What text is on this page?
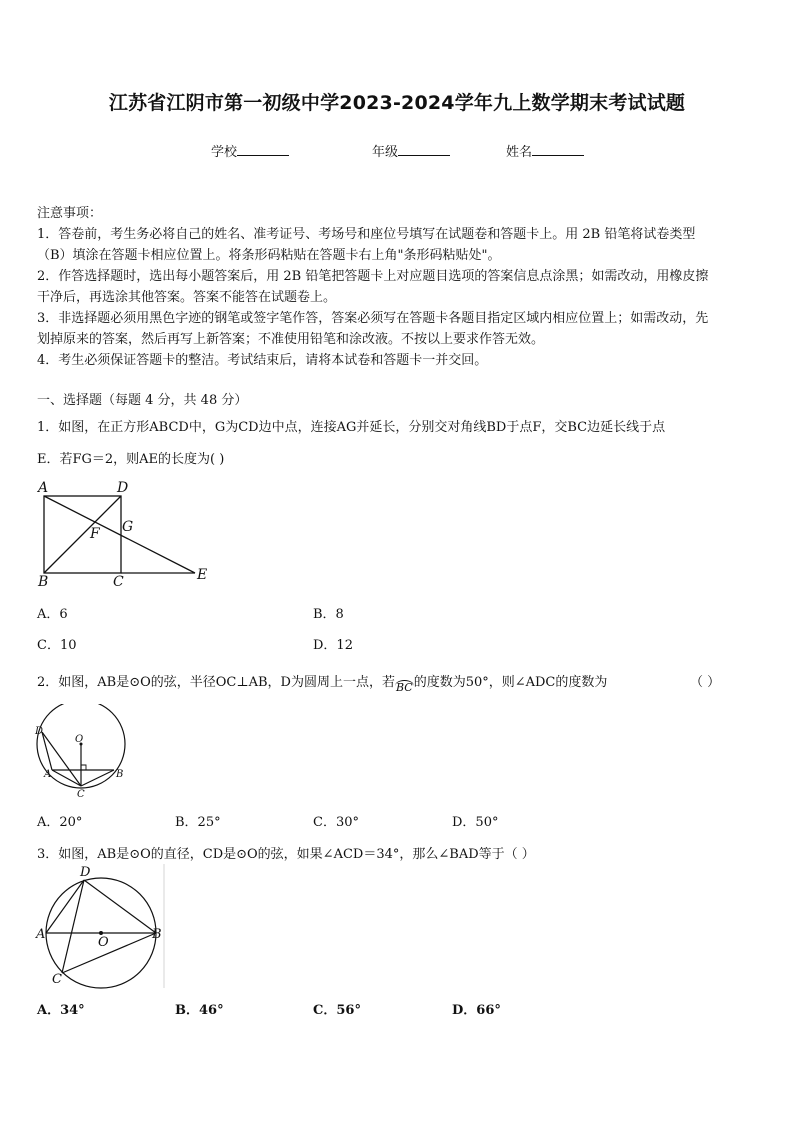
江苏省江阴市第一初级中学2023-2024学年九上数学期末考试试题
学校	年级	姓名
注意事项：
1．答卷前，考生务必将自己的姓名、准考证号、考场号和座位号填写在试题卷和答题卡上。用 2B 铅笔将试卷类型
（B）填涂在答题卡相应位置上。将条形码粘贴在答题卡右上角"条形码粘贴处"。
2．作答选择题时，选出每小题答案后，用 2B 铅笔把答题卡上对应题目选项的答案信息点涂黑；如需改动，用橡皮擦
干净后，再选涂其他答案。答案不能答在试题卷上。
3．非选择题必须用黑色字迹的钢笔或签字笔作答，答案必须写在答题卡各题目指定区域内相应位置上；如需改动，先
划掉原来的答案，然后再写上新答案；不准使用铅笔和涂改液。不按以上要求作答无效。
4．考生必须保证答题卡的整洁。考试结束后，请将本试卷和答题卡一并交回。
一、选择题（每题 4 分，共 48 分）
1．如图，在正方形ABCD中，G为CD边中点，连接AG并延长，分别交对角线BD于点F，交BC边延长线于点
E．若FG＝2，则AE的长度为( )
A	D
G
F
B	C	E
A．6	B．8
C．10	D．12
2．如图，AB是⊙O的弦，半径OC⊥AB，D为圆周上一点，若BC的度数为50°，则∠ADC的度数为	（ ）
D
O
A	B
C
A．20°	B．25°	C．30°	D．50°
3．如图，AB是⊙O的直径，CD是⊙O的弦，如果∠ACD＝34°，那么∠BAD等于（ ）
D
A
O
B
C
A．34°	B．46°	C．56°	D．66°
